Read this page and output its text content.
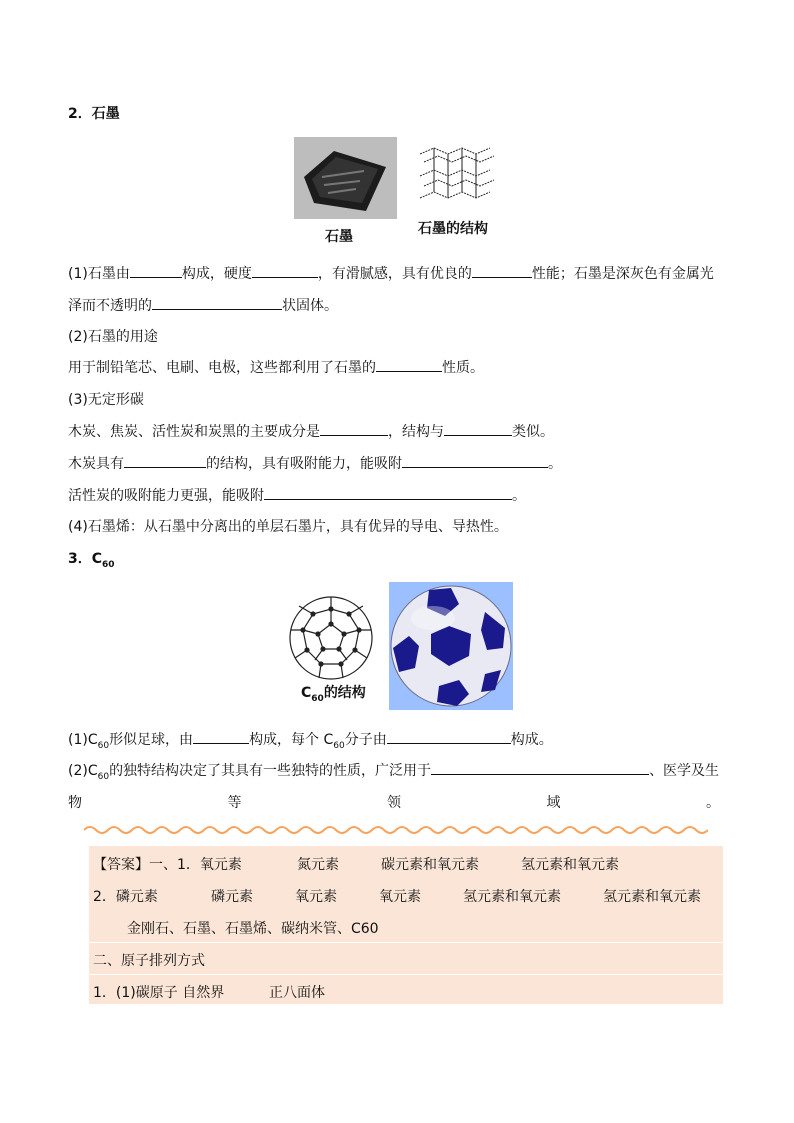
2．石墨
石墨	石墨的结构
(1)石墨由	构成，硬度	，有滑腻感，具有优良的	性能；石墨是深灰色有金属光
泽而不透明的	状固体。
(2)石墨的用途
用于制铅笔芯、电刷、电极，这些都利用了石墨的	性质。
(3)无定形碳
木炭、焦炭、活性炭和炭黑的主要成分是	，结构与	类似。
木炭具有	的结构，具有吸附能力，能吸附	。
活性炭的吸附能力更强，能吸附	。
(4)石墨烯：从石墨中分离出的单层石墨片，具有优异的导电、导热性。
3．$C_{60}$
$C_{60}$的结构
$(1)C_{60}$形似足球，由	构成，每个 $C_{60}$分子由	构成。
$(2)C_{60}$的独特结构决定了其具有一些独特的性质，广泛用于	、医学及生
物	等	领	域	。
【答案】一、1．氧元素	氮元素	碳元素和氧元素	氢元素和氧元素
2．磷元素	磷元素	氧元素	氧元素	氢元素和氧元素	氢元素和氧元素
金刚石、石墨、石墨烯、碳纳米管、C60
二、原子排列方式
1．(1)碳原子 自然界	正八面体
